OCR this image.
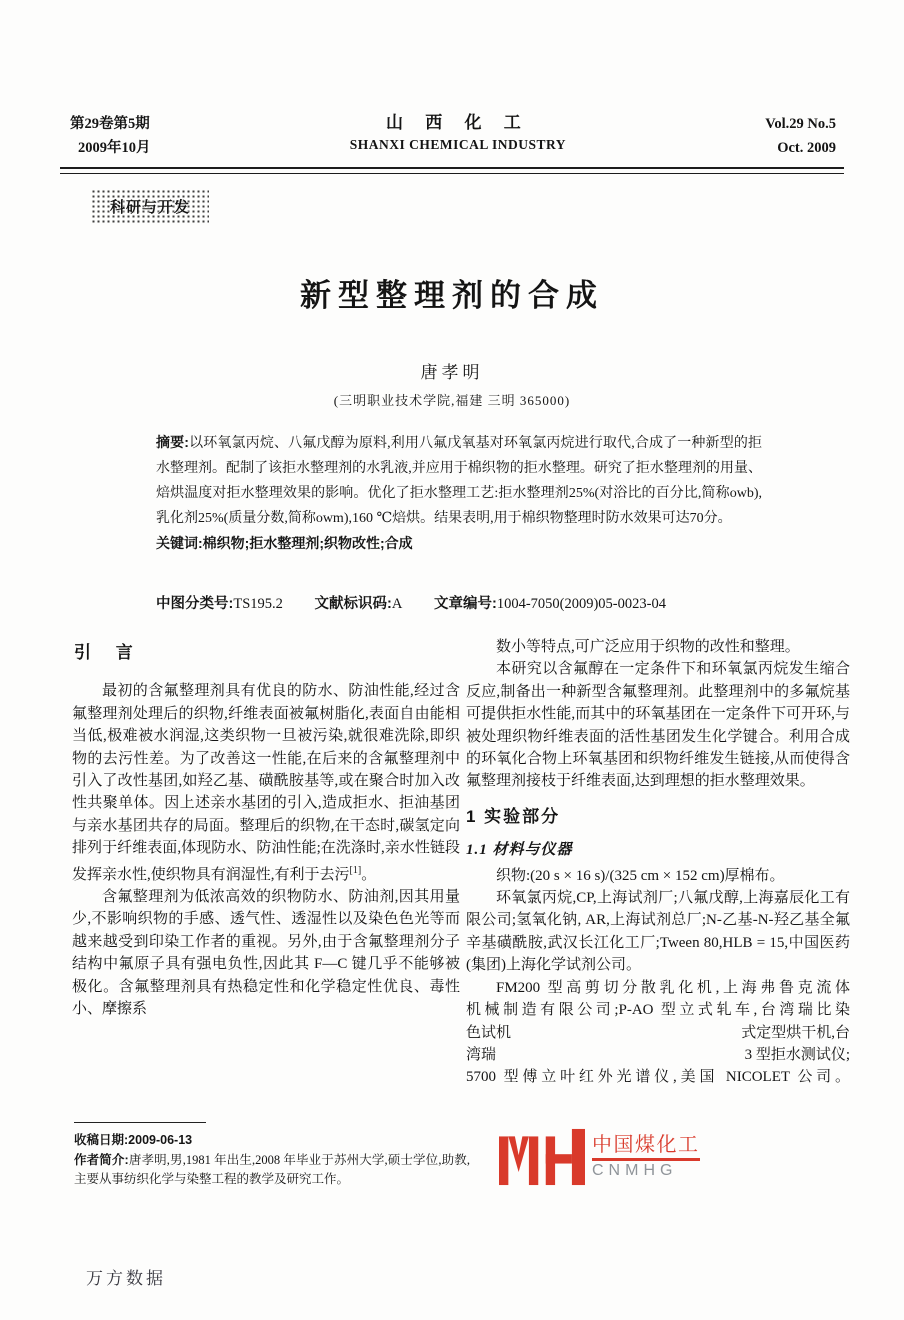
第29卷第5期
2009年10月
山 西 化 工
SHANXI CHEMICAL INDUSTRY
Vol.29 No.5
Oct. 2009
科研与开发
新型整理剂的合成
唐孝明
(三明职业技术学院,福建 三明 365000)
摘要:以环氧氯丙烷、八氟戊醇为原料,利用八氟戊氧基对环氧氯丙烷进行取代,合成了一种新型的拒水整理剂。配制了该拒水整理剂的水乳液,并应用于棉织物的拒水整理。研究了拒水整理剂的用量、焙烘温度对拒水整理效果的影响。优化了拒水整理工艺:拒水整理剂25%(对浴比的百分比,简称owb),乳化剂25%(质量分数,简称owm),160 ℃焙烘。结果表明,用于棉织物整理时防水效果可达70分。
关键词:棉织物;拒水整理剂;织物改性;合成
中图分类号:TS195.2 文献标识码:A 文章编号:1004-7050(2009)05-0023-04
引 言

最初的含氟整理剂具有优良的防水、防油性能,经过含氟整理剂处理后的织物,纤维表面被氟树脂化,表面自由能相当低,极难被水润湿,这类织物一旦被污染,就很难洗除,即织物的去污性差。为了改善这一性能,在后来的含氟整理剂中引入了改性基团,如羟乙基、磺酰胺基等,或在聚合时加入改性共聚单体。因上述亲水基团的引入,造成拒水、拒油基团与亲水基团共存的局面。整理后的织物,在干态时,碳氢定向排列于纤维表面,体现防水、防油性能;在洗涤时,亲水性链段发挥亲水性,使织物具有润湿性,有利于去污[1]。

含氟整理剂为低浓高效的织物防水、防油剂,因其用量少,不影响织物的手感、透气性、透湿性以及染色色光等而越来越受到印染工作者的重视。另外,由于含氟整理剂分子结构中氟原子具有强电负性,因此其 F—C 键几乎不能够被极化。含氟整理剂具有热稳定性和化学稳定性优良、毒性小、摩擦系

数小等特点,可广泛应用于织物的改性和整理。

本研究以含氟醇在一定条件下和环氧氯丙烷发生缩合反应,制备出一种新型含氟整理剂。此整理剂中的多氟烷基可提供拒水性能,而其中的环氧基团在一定条件下可开环,与被处理织物纤维表面的活性基团发生化学键合。利用合成的环氧化合物上环氧基团和织物纤维发生链接,从而使得含氟整理剂接枝于纤维表面,达到理想的拒水整理效果。

1 实验部分
1.1 材料与仪器

织物:(20 s × 16 s)/(325 cm × 152 cm)厚棉布。

环氧氯丙烷,CP,上海试剂厂;八氟戊醇,上海嘉辰化工有限公司;氢氧化钠, AR,上海试剂总厂;N-乙基-N-羟乙基全氟辛基磺酰胺,武汉长江化工厂;Tween 80,HLB = 15,中国医药(集团)上海化学试剂公司。

FM200 型高剪切分散乳化机,上海弗鲁克流体
机械制造有限公司;P-AO 型立式轧车,台湾瑞比染
色试机	式定型烘干机,台
湾瑞	3 型拒水测试仪;
5700 型傅立叶红外光谱仪,美国 NICOLET 公司。
收稿日期:2009-06-13
作者简介:唐孝明,男,1981 年出生,2008 年毕业于苏州大学,硕士学位,助教,主要从事纺织化学与染整工程的教学及研究工作。
中国煤化工
CNMHG
万方数据
